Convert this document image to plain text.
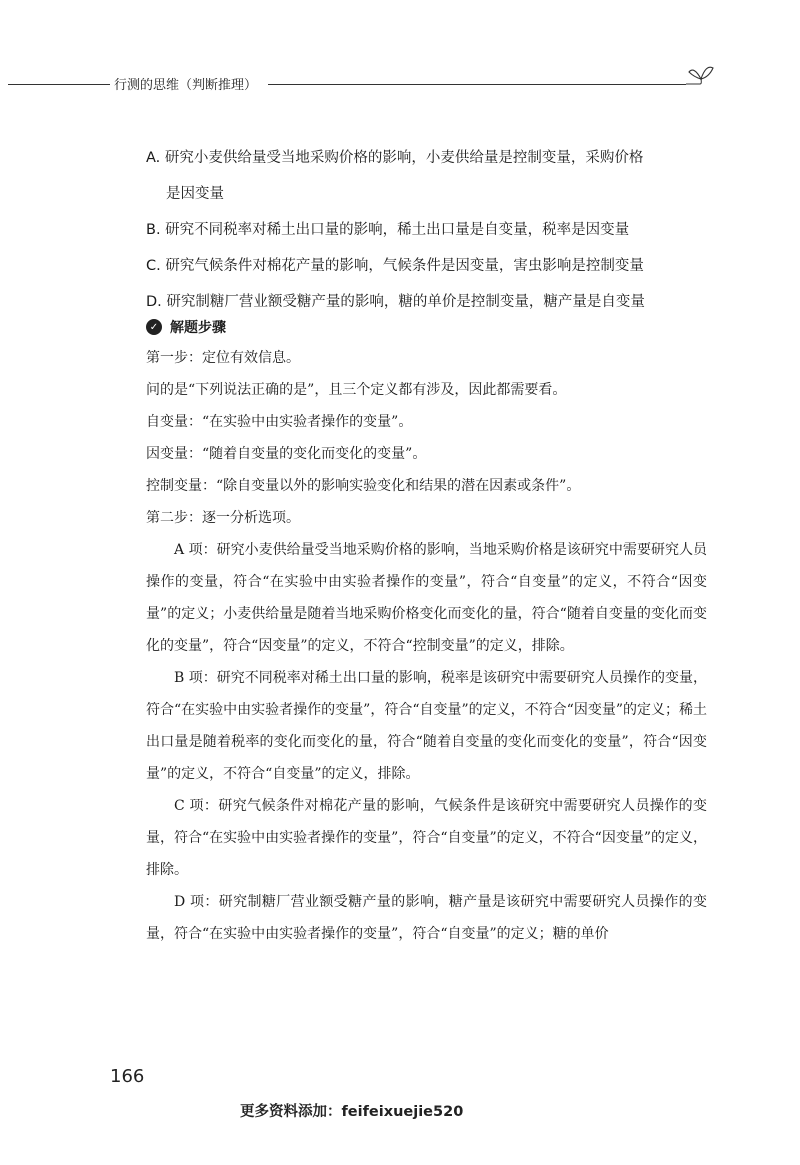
行测的思维（判断推理）
A. 研究小麦供给量受当地采购价格的影响，小麦供给量是控制变量，采购价格
是因变量
B. 研究不同税率对稀土出口量的影响，稀土出口量是自变量，税率是因变量
C. 研究气候条件对棉花产量的影响，气候条件是因变量，害虫影响是控制变量
D. 研究制糖厂营业额受糖产量的影响，糖的单价是控制变量，糖产量是自变量
✓ 解题步骤
第一步：定位有效信息。
问的是“下列说法正确的是”，且三个定义都有涉及，因此都需要看。
自变量：“在实验中由实验者操作的变量”。
因变量：“随着自变量的变化而变化的变量”。
控制变量：“除自变量以外的影响实验变化和结果的潜在因素或条件”。
第二步：逐一分析选项。

A 项：研究小麦供给量受当地采购价格的影响，当地采购价格是该研究中需要研究人员操作的变量，符合“在实验中由实验者操作的变量”，符合“自变量”的定义，不符合“因变量”的定义；小麦供给量是随着当地采购价格变化而变化的量，符合“随着自变量的变化而变化的变量”，符合“因变量”的定义，不符合“控制变量”的定义，排除。

B 项：研究不同税率对稀土出口量的影响，税率是该研究中需要研究人员操作的变量，符合“在实验中由实验者操作的变量”，符合“自变量”的定义，不符合“因变量”的定义；稀土出口量是随着税率的变化而变化的量，符合“随着自变量的变化而变化的变量”，符合“因变量”的定义，不符合“自变量”的定义，排除。

C 项：研究气候条件对棉花产量的影响，气候条件是该研究中需要研究人员操作的变量，符合“在实验中由实验者操作的变量”，符合“自变量”的定义，不符合“因变量”的定义，排除。

D 项：研究制糖厂营业额受糖产量的影响，糖产量是该研究中需要研究人员操作的变量，符合“在实验中由实验者操作的变量”，符合“自变量”的定义；糖的单价

166
更多资料添加：feifeixuejie520
